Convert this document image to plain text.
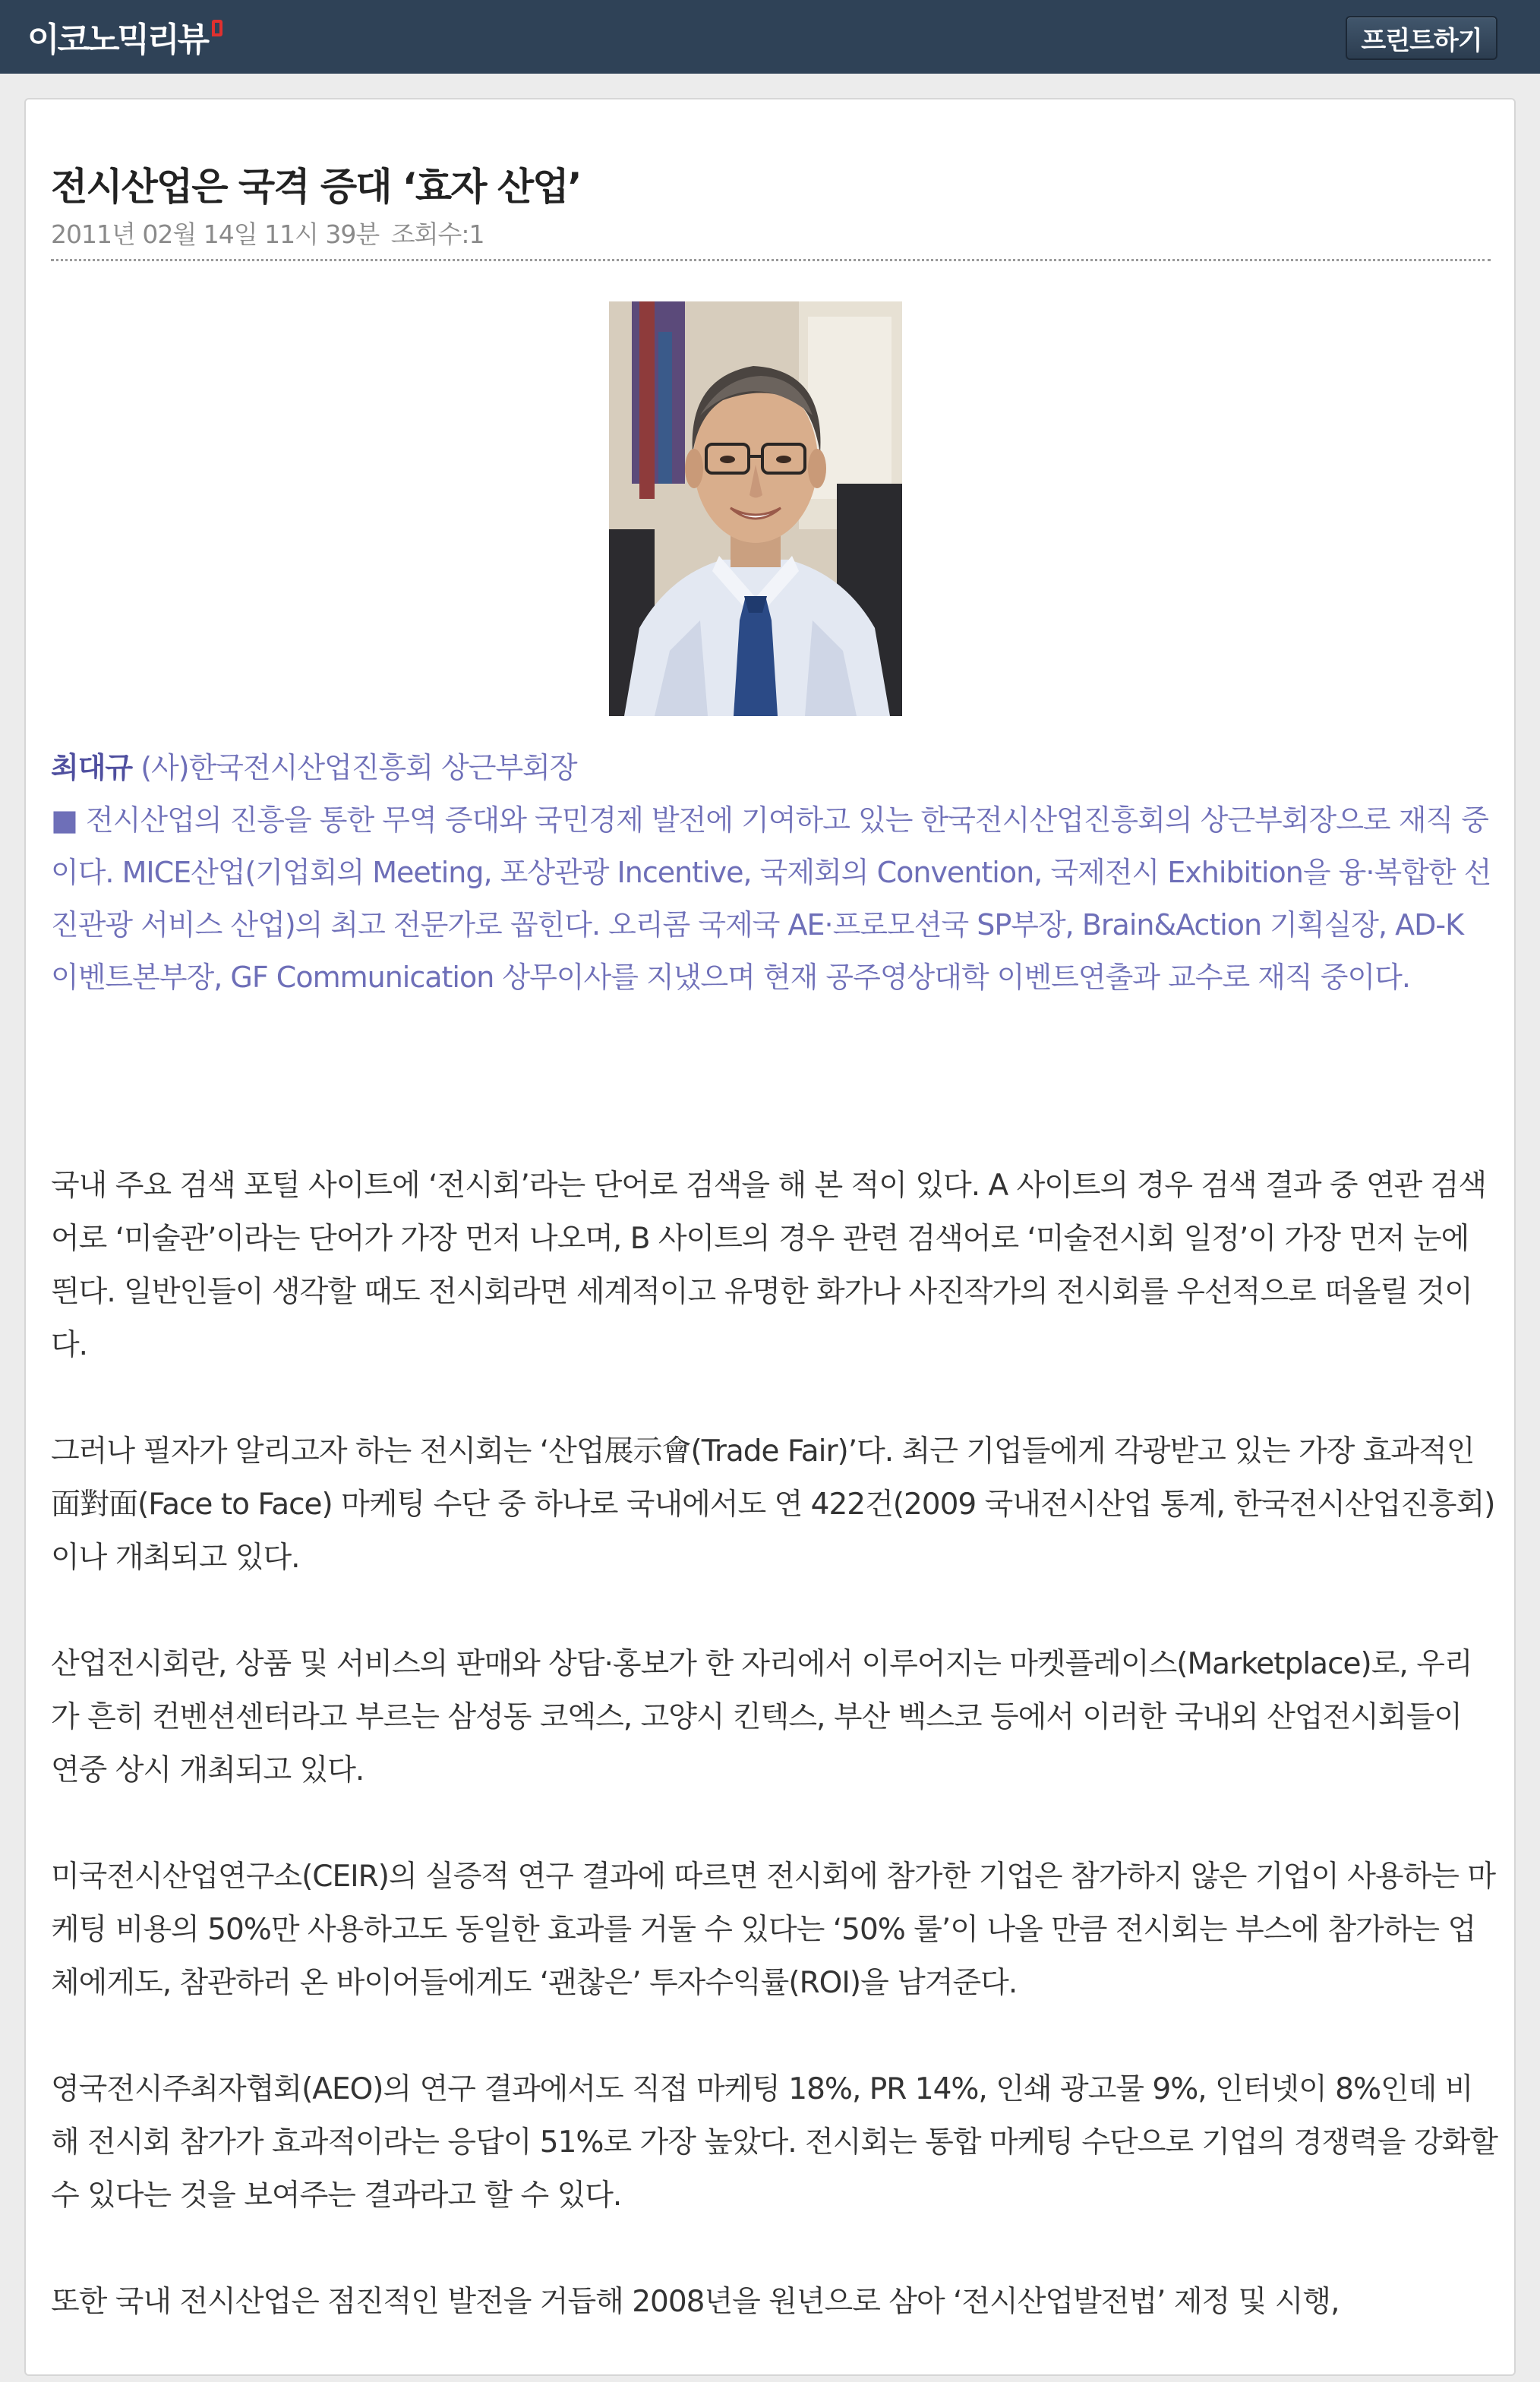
이코노믹리뷰	프린트하기
전시산업은 국격 증대 ‘효자 산업’
2011년 02월 14일 11시 39분 조회수:1

최대규 (사)한국전시산업진흥회 상근부회장

■ 전시산업의 진흥을 통한 무역 증대와 국민경제 발전에 기여하고 있는 한국전시산업진흥회의 상근부회장으로 재직 중이다. MICE산업(기업회의 Meeting, 포상관광 Incentive, 국제회의 Convention, 국제전시 Exhibition을 융·복합한 선진관광 서비스 산업)의 최고 전문가로 꼽힌다. 오리콤 국제국 AE·프로모션국 SP부장, Brain&Action 기획실장, AD-K 이벤트본부장, GF Communication 상무이사를 지냈으며 현재 공주영상대학 이벤트연출과 교수로 재직 중이다.

국내 주요 검색 포털 사이트에 ‘전시회’라는 단어로 검색을 해 본 적이 있다. A 사이트의 경우 검색 결과 중 연관 검색어로 ‘미술관’이라는 단어가 가장 먼저 나오며, B 사이트의 경우 관련 검색어로 ‘미술전시회 일정’이 가장 먼저 눈에 띈다. 일반인들이 생각할 때도 전시회라면 세계적이고 유명한 화가나 사진작가의 전시회를 우선적으로 떠올릴 것이다.

그러나 필자가 알리고자 하는 전시회는 ‘산업展示會(Trade Fair)’다. 최근 기업들에게 각광받고 있는 가장 효과적인 面對面(Face to Face) 마케팅 수단 중 하나로 국내에서도 연 422건(2009 국내전시산업 통계, 한국전시산업진흥회)이나 개최되고 있다.

산업전시회란, 상품 및 서비스의 판매와 상담·홍보가 한 자리에서 이루어지는 마켓플레이스(Marketplace)로, 우리가 흔히 컨벤션센터라고 부르는 삼성동 코엑스, 고양시 킨텍스, 부산 벡스코 등에서 이러한 국내외 산업전시회들이 연중 상시 개최되고 있다.

미국전시산업연구소(CEIR)의 실증적 연구 결과에 따르면 전시회에 참가한 기업은 참가하지 않은 기업이 사용하는 마케팅 비용의 50%만 사용하고도 동일한 효과를 거둘 수 있다는 ‘50% 룰’이 나올 만큼 전시회는 부스에 참가하는 업체에게도, 참관하러 온 바이어들에게도 ‘괜찮은’ 투자수익률(ROI)을 남겨준다.

영국전시주최자협회(AEO)의 연구 결과에서도 직접 마케팅 18%, PR 14%, 인쇄 광고물 9%, 인터넷이 8%인데 비해 전시회 참가가 효과적이라는 응답이 51%로 가장 높았다. 전시회는 통합 마케팅 수단으로 기업의 경쟁력을 강화할 수 있다는 것을 보여주는 결과라고 할 수 있다.

또한 국내 전시산업은 점진적인 발전을 거듭해 2008년을 원년으로 삼아 ‘전시산업발전법’ 제정 및 시행,
